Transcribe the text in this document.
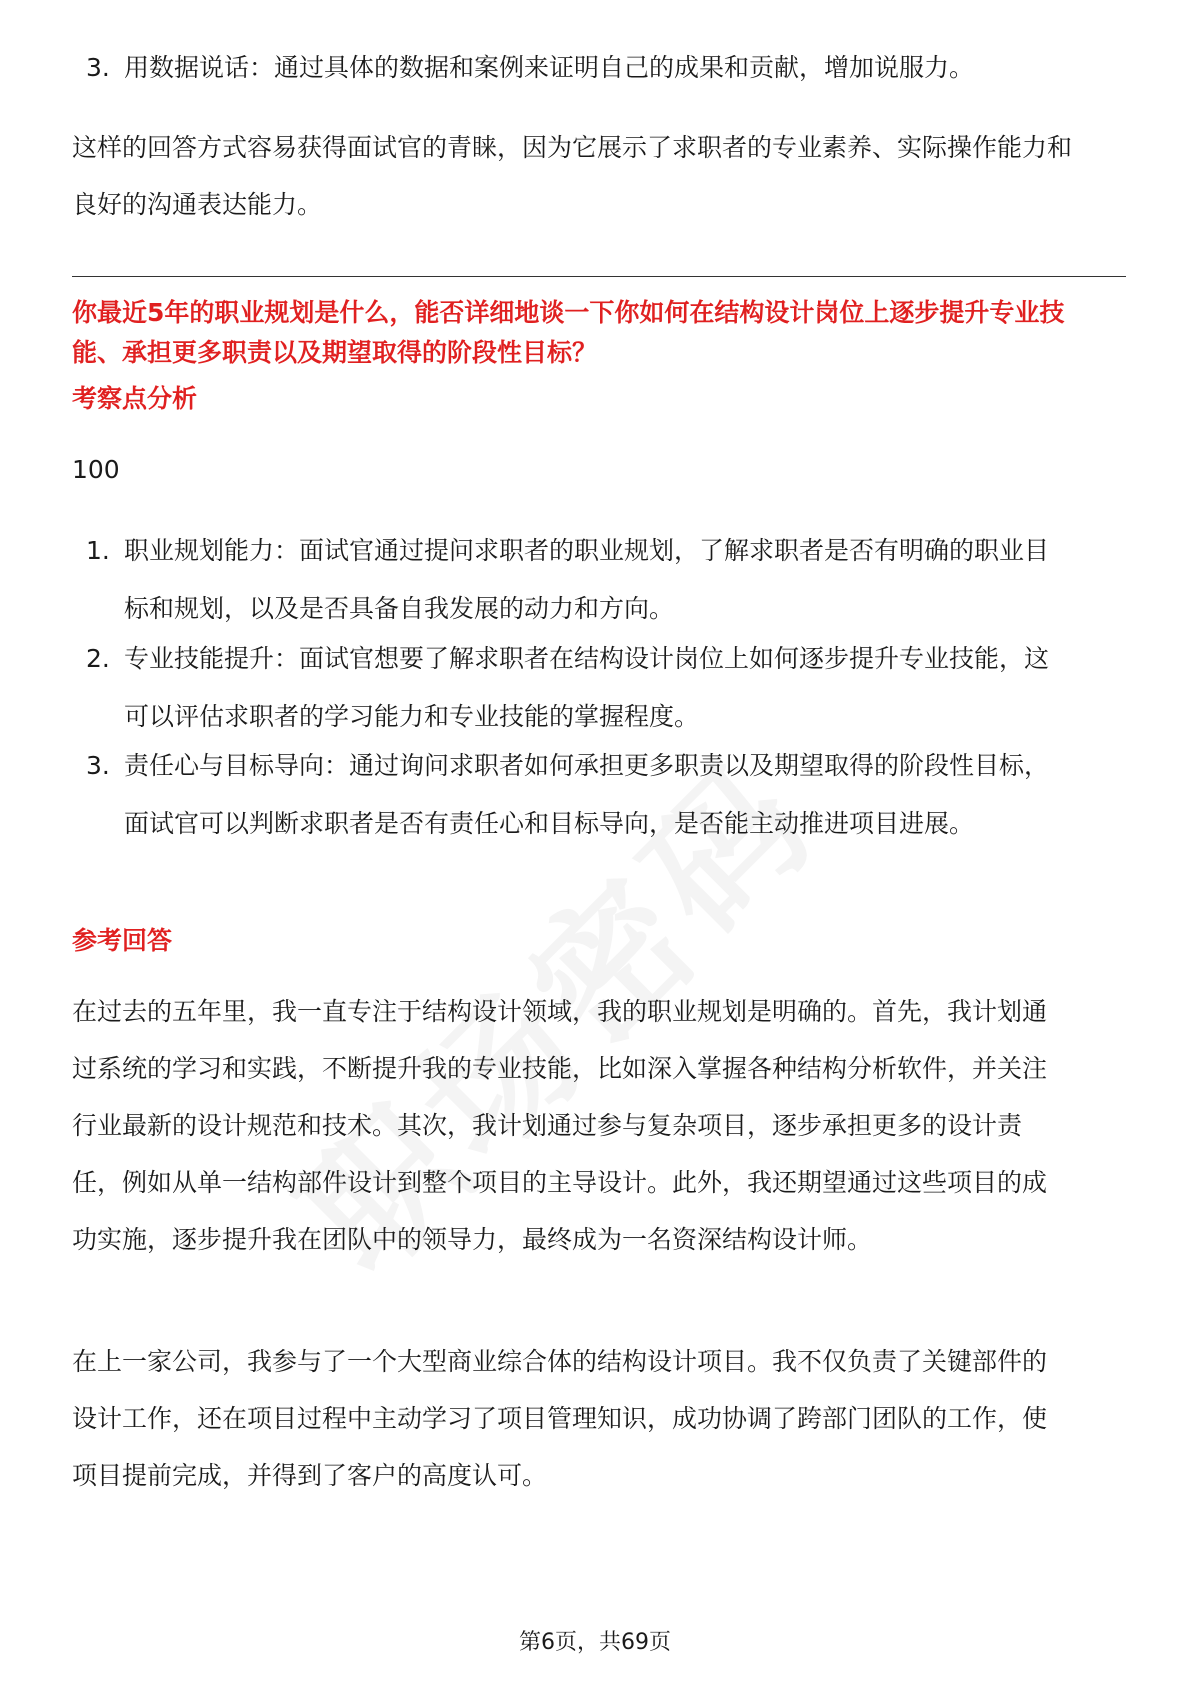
3. 用数据说话：通过具体的数据和案例来证明自己的成果和贡献，增加说服力。
这样的回答方式容易获得面试官的青睐，因为它展示了求职者的专业素养、实际操作能力和良好的沟通表达能力。
你最近5年的职业规划是什么，能否详细地谈一下你如何在结构设计岗位上逐步提升专业技能、承担更多职责以及期望取得的阶段性目标？
考察点分析
100
1. 职业规划能力：面试官通过提问求职者的职业规划，了解求职者是否有明确的职业目标和规划，以及是否具备自我发展的动力和方向。
2. 专业技能提升：面试官想要了解求职者在结构设计岗位上如何逐步提升专业技能，这可以评估求职者的学习能力和专业技能的掌握程度。
3. 责任心与目标导向：通过询问求职者如何承担更多职责以及期望取得的阶段性目标，面试官可以判断求职者是否有责任心和目标导向，是否能主动推进项目进展。
参考回答
在过去的五年里，我一直专注于结构设计领域，我的职业规划是明确的。首先，我计划通过系统的学习和实践，不断提升我的专业技能，比如深入掌握各种结构分析软件，并关注行业最新的设计规范和技术。其次，我计划通过参与复杂项目，逐步承担更多的设计责任，例如从单一结构部件设计到整个项目的主导设计。此外，我还期望通过这些项目的成功实施，逐步提升我在团队中的领导力，最终成为一名资深结构设计师。
在上一家公司，我参与了一个大型商业综合体的结构设计项目。我不仅负责了关键部件的设计工作，还在项目过程中主动学习了项目管理知识，成功协调了跨部门团队的工作，使项目提前完成，并得到了客户的高度认可。
第6页，共69页
